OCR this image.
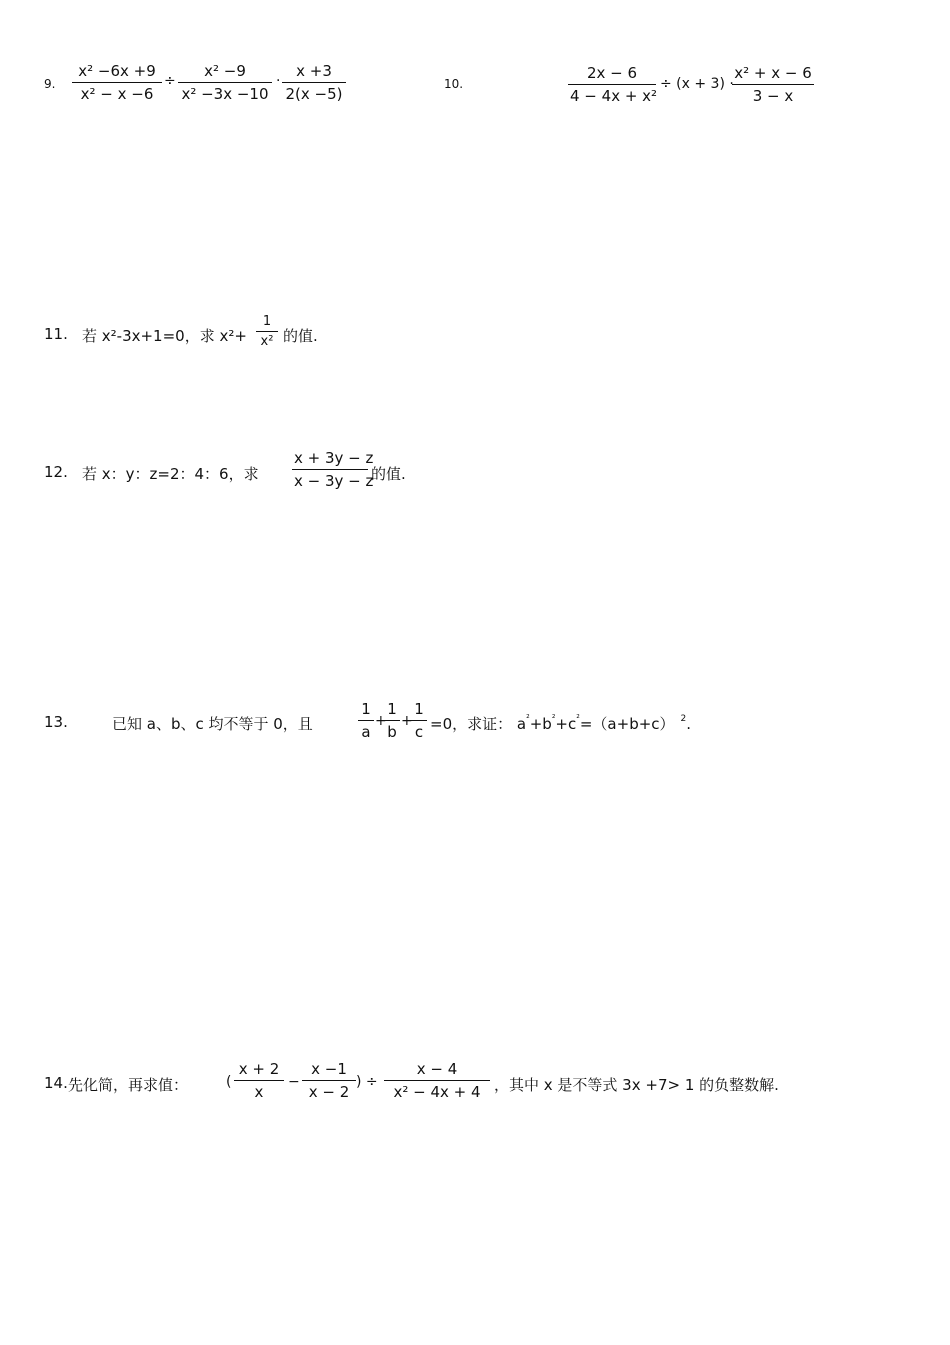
9.
x² −6x +9
x² − x −6
÷
x² −9
x² −3x −10
·
x +3
2(x −5)
10.
2x − 6
4 − 4x + x²
÷ (x + 3) ·
x² + x − 6
3 − x
11. 若 x²-3x+1=0，求 x²+
1
x² 的值.
12. 若 x：y：z=2：4：6，求
x + 3y − z
x − 3y − z
的值.
13.	已知 a、b、c 均不等于 0，且
1
a
+
1
b
+
1
c =0，求证： $a^{^2}+b^{^2}+c^{^2}=(a+b+c)$ $^2$.
14. 先化简，再求值：	(
x + 2
x
−
x −1
x − 2
) ÷
x − 4
x² − 4x + 4 ，其中 x 是不等式 3x +7> 1 的负整数解.
